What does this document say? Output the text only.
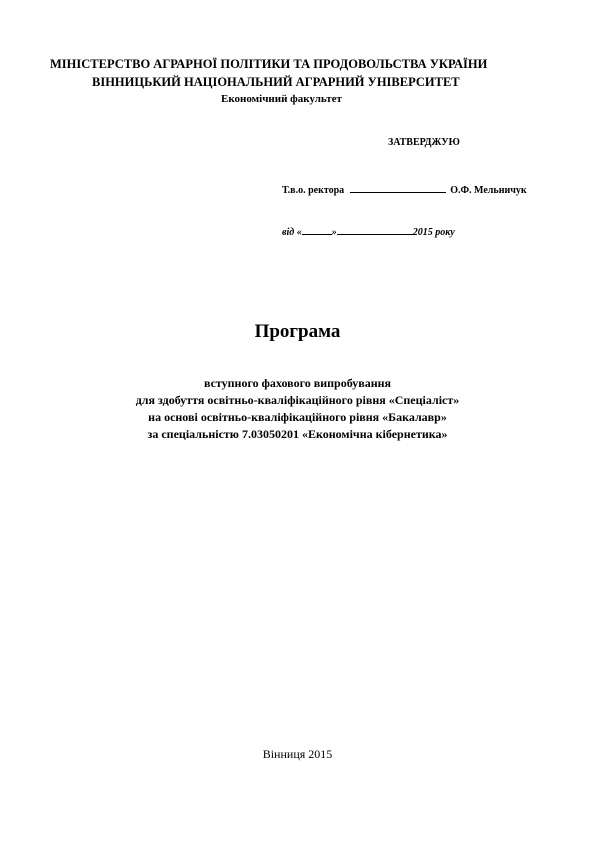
МІНІСТЕРСТВО АГРАРНОЇ ПОЛІТИКИ ТА ПРОДОВОЛЬСТВА УКРАЇНИ
ВІННИЦЬКИЙ НАЦІОНАЛЬНИЙ АГРАРНИЙ УНІВЕРСИТЕТ
Економічний факультет
ЗАТВЕРДЖУЮ
Т.в.о. ректора	О.Ф. Мельничук
від «	»	2015 року
Програма
вступного фахового випробування
для здобуття освітньо-кваліфікаційного рівня «Спеціаліст»
на основі освітньо-кваліфікаційного рівня «Бакалавр»
за спеціальністю 7.03050201 «Економічна кібернетика»
Вінниця 2015
